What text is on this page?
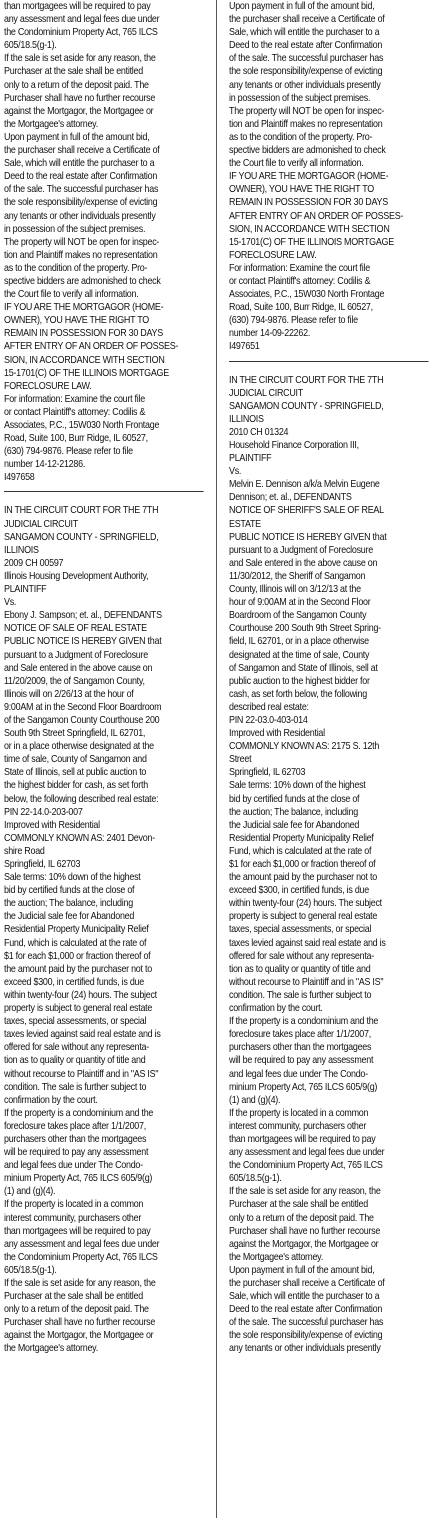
than mortgagees will be required to pay
any assessment and legal fees due under
the Condominium Property Act, 765 ILCS
605/18.5(g-1).

If the sale is set aside for any reason, the
Purchaser at the sale shall be entitled
only to a return of the deposit paid. The
Purchaser shall have no further recourse
against the Mortgagor, the Mortgagee or
the Mortgagee's attorney.

Upon payment in full of the amount bid,
the purchaser shall receive a Certificate of
Sale, which will entitle the purchaser to a
Deed to the real estate after Confirmation
of the sale. The successful purchaser has
the sole responsibility/expense of evicting
any tenants or other individuals presently
in possession of the subject premises.

The property will NOT be open for inspec-
tion and Plaintiff makes no representation
as to the condition of the property. Pro-
spective bidders are admonished to check
the Court file to verify all information.

IF YOU ARE THE MORTGAGOR (HOME-
OWNER), YOU HAVE THE RIGHT TO
REMAIN IN POSSESSION FOR 30 DAYS
AFTER ENTRY OF AN ORDER OF POSSES-
SION, IN ACCORDANCE WITH SECTION
15-1701(C) OF THE ILLINOIS MORTGAGE
FORECLOSURE LAW.

For information: Examine the court file
or contact Plaintiff's attorney: Codilis &
Associates, P.C., 15W030 North Frontage
Road, Suite 100, Burr Ridge, IL 60527,
(630) 794-9876. Please refer to file
number 14-12-21286.

I497658

IN THE CIRCUIT COURT FOR THE 7TH
JUDICIAL CIRCUIT

SANGAMON COUNTY - SPRINGFIELD,
ILLINOIS

2009 CH 00597

Illinois Housing Development Authority,
PLAINTIFF

Vs.

Ebony J. Sampson; et. al., DEFENDANTS

NOTICE OF SALE OF REAL ESTATE

PUBLIC NOTICE IS HEREBY GIVEN that
pursuant to a Judgment of Foreclosure
and Sale entered in the above cause on
11/20/2009, the of Sangamon County,
Illinois will on 2/26/13 at the hour of
9:00AM at in the Second Floor Boardroom
of the Sangamon County Courthouse 200
South 9th Street Springfield, IL 62701,
or in a place otherwise designated at the
time of sale, County of Sangamon and
State of Illinois, sell at public auction to
the highest bidder for cash, as set forth
below, the following described real estate:

PIN 22-14.0-203-007

Improved with Residential

COMMONLY KNOWN AS: 2401 Devon-
shire Road

Springfield, IL 62703

Sale terms: 10% down of the highest
bid by certified funds at the close of
the auction; The balance, including
the Judicial sale fee for Abandoned
Residential Property Municipality Relief
Fund, which is calculated at the rate of
$1 for each $1,000 or fraction thereof of
the amount paid by the purchaser not to
exceed $300, in certified funds, is due
within twenty-four (24) hours. The subject
property is subject to general real estate
taxes, special assessments, or special
taxes levied against said real estate and is
offered for sale without any representa-
tion as to quality or quantity of title and
without recourse to Plaintiff and in "AS IS"
condition. The sale is further subject to
confirmation by the court.

If the property is a condominium and the
foreclosure takes place after 1/1/2007,
purchasers other than the mortgagees
will be required to pay any assessment
and legal fees due under The Condo-
minium Property Act, 765 ILCS 605/9(g)
(1) and (g)(4).

If the property is located in a common
interest community, purchasers other
than mortgagees will be required to pay
any assessment and legal fees due under
the Condominium Property Act, 765 ILCS
605/18.5(g-1).

If the sale is set aside for any reason, the
Purchaser at the sale shall be entitled
only to a return of the deposit paid. The
Purchaser shall have no further recourse
against the Mortgagor, the Mortgagee or
the Mortgagee's attorney.

Upon payment in full of the amount bid,
the purchaser shall receive a Certificate of
Sale, which will entitle the purchaser to a
Deed to the real estate after Confirmation
of the sale. The successful purchaser has
the sole responsibility/expense of evicting
any tenants or other individuals presently
in possession of the subject premises.

The property will NOT be open for inspec-
tion and Plaintiff makes no representation
as to the condition of the property. Pro-
spective bidders are admonished to check
the Court file to verify all information.

IF YOU ARE THE MORTGAGOR (HOME-
OWNER), YOU HAVE THE RIGHT TO
REMAIN IN POSSESSION FOR 30 DAYS
AFTER ENTRY OF AN ORDER OF POSSES-
SION, IN ACCORDANCE WITH SECTION
15-1701(C) OF THE ILLINOIS MORTGAGE
FORECLOSURE LAW.

For information: Examine the court file
or contact Plaintiff's attorney: Codilis &
Associates, P.C., 15W030 North Frontage
Road, Suite 100, Burr Ridge, IL 60527,
(630) 794-9876. Please refer to file
number 14-09-22262.

I497651

IN THE CIRCUIT COURT FOR THE 7TH
JUDICIAL CIRCUIT

SANGAMON COUNTY - SPRINGFIELD,
ILLINOIS

2010 CH 01324

Household Finance Corporation III,
PLAINTIFF

Vs.

Melvin E. Dennison a/k/a Melvin Eugene
Dennison; et. al., DEFENDANTS

NOTICE OF SHERIFF'S SALE OF REAL
ESTATE

PUBLIC NOTICE IS HEREBY GIVEN that
pursuant to a Judgment of Foreclosure
and Sale entered in the above cause on
11/30/2012, the Sheriff of Sangamon
County, Illinois will on 3/12/13 at the
hour of 9:00AM at in the Second Floor
Boardroom of the Sangamon County
Courthouse 200 South 9th Street Spring-
field, IL 62701, or in a place otherwise
designated at the time of sale, County
of Sangamon and State of Illinois, sell at
public auction to the highest bidder for
cash, as set forth below, the following
described real estate:

PIN 22-03.0-403-014

Improved with Residential

COMMONLY KNOWN AS: 2175 S. 12th
Street

Springfield, IL 62703

Sale terms: 10% down of the highest
bid by certified funds at the close of
the auction; The balance, including
the Judicial sale fee for Abandoned
Residential Property Municipality Relief
Fund, which is calculated at the rate of
$1 for each $1,000 or fraction thereof of
the amount paid by the purchaser not to
exceed $300, in certified funds, is due
within twenty-four (24) hours. The subject
property is subject to general real estate
taxes, special assessments, or special
taxes levied against said real estate and is
offered for sale without any representa-
tion as to quality or quantity of title and
without recourse to Plaintiff and in "AS IS"
condition. The sale is further subject to
confirmation by the court.

If the property is a condominium and the
foreclosure takes place after 1/1/2007,
purchasers other than the mortgagees
will be required to pay any assessment
and legal fees due under The Condo-
minium Property Act, 765 ILCS 605/9(g)
(1) and (g)(4).

If the property is located in a common
interest community, purchasers other
than mortgagees will be required to pay
any assessment and legal fees due under
the Condominium Property Act, 765 ILCS
605/18.5(g-1).

If the sale is set aside for any reason, the
Purchaser at the sale shall be entitled
only to a return of the deposit paid. The
Purchaser shall have no further recourse
against the Mortgagor, the Mortgagee or
the Mortgagee's attorney.

Upon payment in full of the amount bid,
the purchaser shall receive a Certificate of
Sale, which will entitle the purchaser to a
Deed to the real estate after Confirmation
of the sale. The successful purchaser has
the sole responsibility/expense of evicting
any tenants or other individuals presently
